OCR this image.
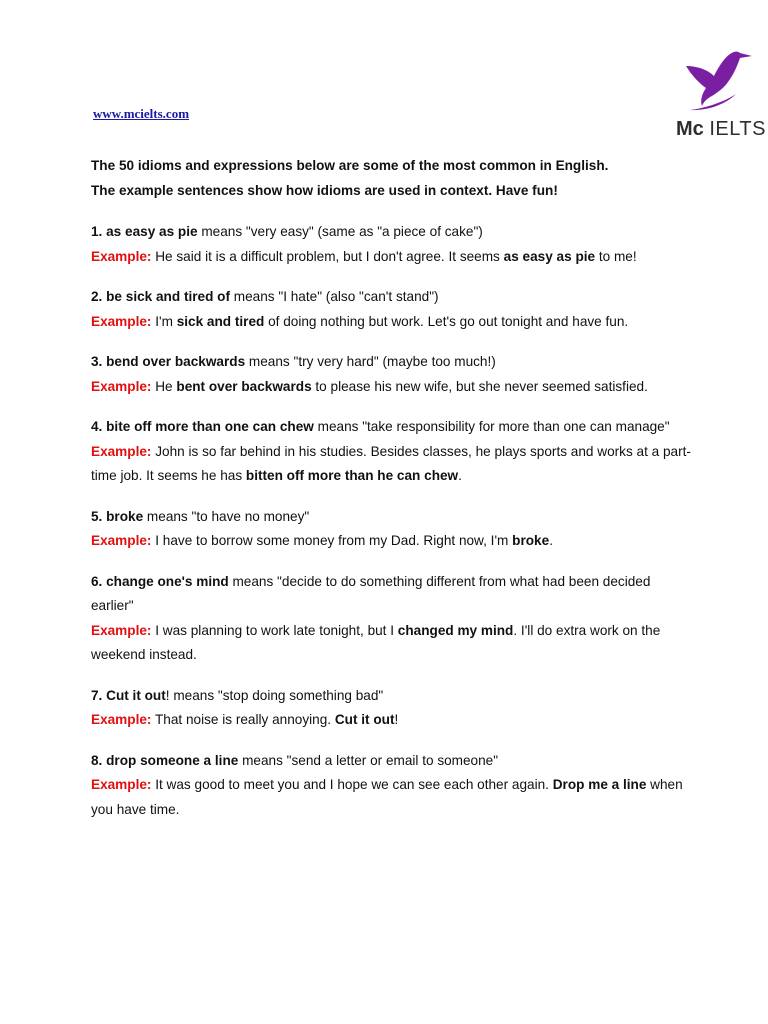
www.mcielts.com
Mc IELTS

The 50 idioms and expressions below are some of the most common in English.

The example sentences show how idioms are used in context. Have fun!

1. as easy as pie means "very easy" (same as "a piece of cake")

Example: He said it is a difficult problem, but I don't agree. It seems as easy as pie to me!

2. be sick and tired of means "I hate" (also "can't stand")

Example: I'm sick and tired of doing nothing but work. Let's go out tonight and have fun.

3. bend over backwards means "try very hard" (maybe too much!)

Example: He bent over backwards to please his new wife, but she never seemed satisfied.

4. bite off more than one can chew means "take responsibility for more than one can manage"

Example: John is so far behind in his studies. Besides classes, he plays sports and works at a part-time job. It seems he has bitten off more than he can chew.

5. broke means "to have no money"

Example: I have to borrow some money from my Dad. Right now, I'm broke.

6. change one's mind means "decide to do something different from what had been decided earlier"

Example: I was planning to work late tonight, but I changed my mind. I'll do extra work on the weekend instead.

7. Cut it out! means "stop doing something bad"

Example: That noise is really annoying. Cut it out!

8. drop someone a line means "send a letter or email to someone"

Example: It was good to meet you and I hope we can see each other again. Drop me a line when you have time.
